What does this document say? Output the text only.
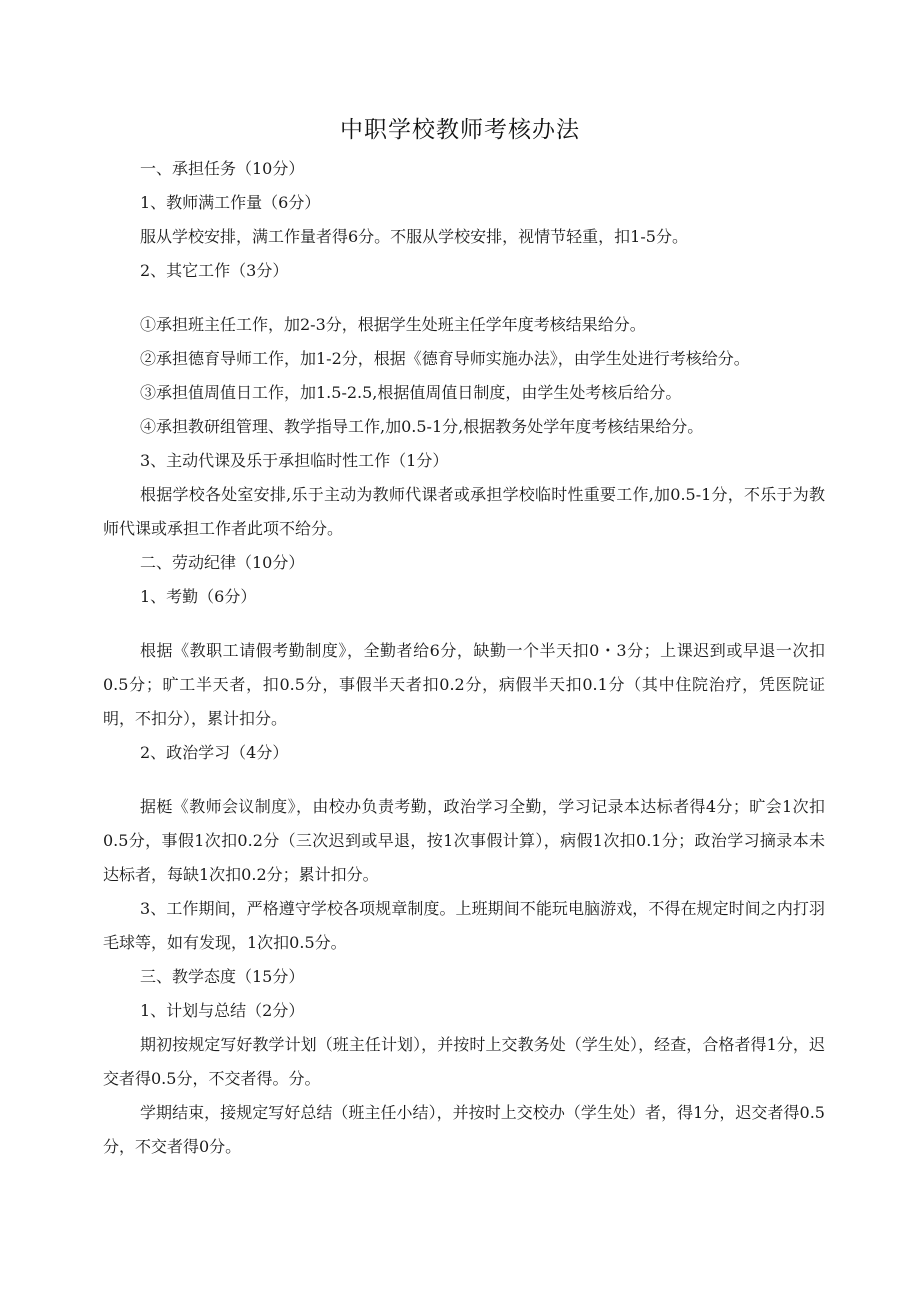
中职学校教师考核办法

一、承担任务（10分）

1、教师满工作量（6分）

服从学校安排，满工作量者得6分。不服从学校安排，视情节轻重，扣1-5分。

2、其它工作（3分）

①承担班主任工作，加2-3分，根据学生处班主任学年度考核结果给分。

②承担德育导师工作，加1-2分，根据《德育导师实施办法》，由学生处进行考核给分。

③承担值周值日工作，加1.5-2.5,根据值周值日制度，由学生处考核后给分。

④承担教研组管理、教学指导工作,加0.5-1分,根据教务处学年度考核结果给分。

3、主动代课及乐于承担临时性工作（1分）

根据学校各处室安排,乐于主动为教师代课者或承担学校临时性重要工作,加0.5-1分，不乐于为教师代课或承担工作者此项不给分。

二、劳动纪律（10分）

1、考勤（6分）

根据《教职工请假考勤制度》，全勤者给6分，缺勤一个半天扣0・3分；上课迟到或早退一次扣0.5分；旷工半天者，扣0.5分，事假半天者扣0.2分，病假半天扣0.1分（其中住院治疗，凭医院证明，不扣分），累计扣分。

2、政治学习（4分）

据梃《教师会议制度》，由校办负责考勤，政治学习全勤，学习记录本达标者得4分；旷会1次扣0.5分，事假1次扣0.2分（三次迟到或早退，按1次事假计算），病假1次扣0.1分；政治学习摘录本未达标者，每缺1次扣0.2分；累计扣分。

3、工作期间，严格遵守学校各项规章制度。上班期间不能玩电脑游戏，不得在规定时间之内打羽毛球等，如有发现，1次扣0.5分。

三、教学态度（15分）

1、计划与总结（2分）

期初按规定写好教学计划（班主任计划），并按时上交教务处（学生处），经查，合格者得1分，迟交者得0.5分，不交者得。分。

学期结束，接规定写好总结（班主任小结），并按时上交校办（学生处）者，得1分，迟交者得0.5分，不交者得0分。
